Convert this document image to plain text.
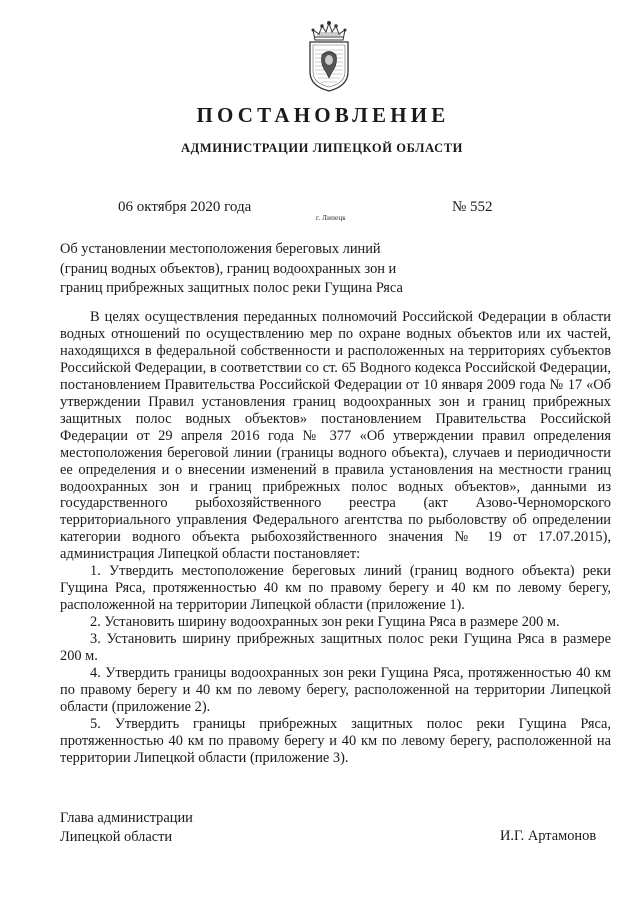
ПОСТАНОВЛЕНИЕ
АДМИНИСТРАЦИИ ЛИПЕЦКОЙ ОБЛАСТИ
06 октября 2020 года
г. Липецк
№ 552
Об установлении местоположения береговых линий
(границ водных объектов), границ водоохранных зон и
границ прибрежных защитных полос реки Гущина Ряса

В целях осуществления переданных полномочий Российской Федерации в области водных отношений по осуществлению мер по охране водных объектов или их частей, находящихся в федеральной собственности и расположенных на территориях субъектов Российской Федерации, в соответствии со ст. 65 Водного кодекса Российской Федерации, постановлением Правительства Российской Федерации от 10 января 2009 года № 17 «Об утверждении Правил установления границ водоохранных зон и границ прибрежных защитных полос водных объектов» постановлением Правительства Российской Федерации от 29 апреля 2016 года № 377 «Об утверждении правил определения местоположения береговой линии (границы водного объекта), случаев и периодичности ее определения и о внесении изменений в правила установления на местности границ водоохранных зон и границ прибрежных полос водных объектов», данными из государственного рыбохозяйственного реестра (акт Азово-Черноморского территориального управления Федерального агентства по рыболовству об определении категории водного объекта рыбохозяйственного значения № 19 от 17.07.2015), администрация Липецкой области постановляет:

1. Утвердить местоположение береговых линий (границ водного объекта) реки Гущина Ряса, протяженностью 40 км по правому берегу и 40 км по левому берегу, расположенной на территории Липецкой области (приложение 1).

2. Установить ширину водоохранных зон реки Гущина Ряса в размере 200 м.

3. Установить ширину прибрежных защитных полос реки Гущина Ряса в размере 200 м.

4. Утвердить границы водоохранных зон реки Гущина Ряса, протяженностью 40 км по правому берегу и 40 км по левому берегу, расположенной на территории Липецкой области (приложение 2).

5. Утвердить границы прибрежных защитных полос реки Гущина Ряса, протяженностью 40 км по правому берегу и 40 км по левому берегу, расположенной на территории Липецкой области (приложение 3).

Глава администрации
Липецкой области	И.Г. Артамонов
